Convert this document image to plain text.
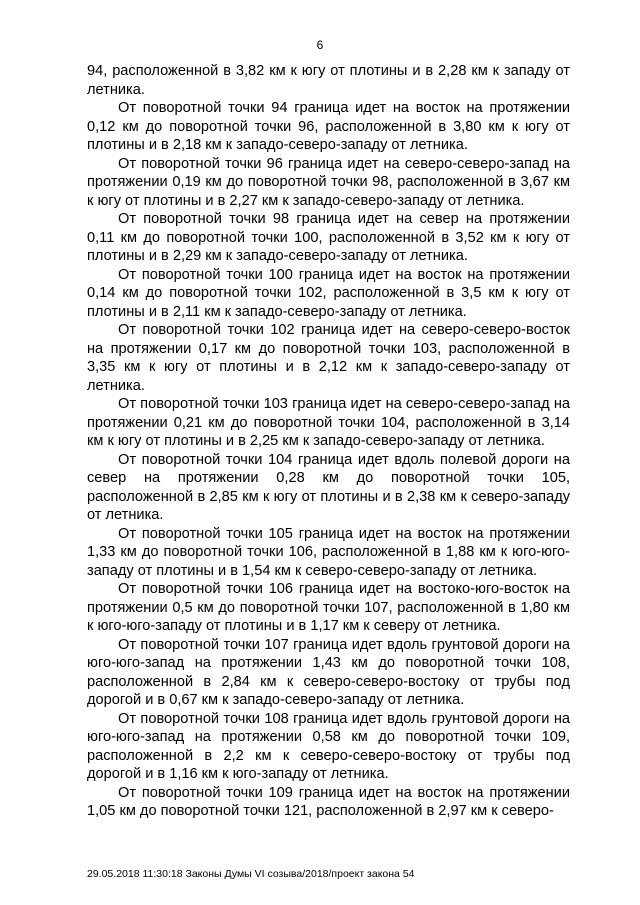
6

94, расположенной в 3,82 км к югу от плотины и в 2,28 км к западу от летника.

От поворотной точки 94 граница идет на восток на протяжении 0,12 км до поворотной точки 96, расположенной в 3,80 км к югу от плотины и в 2,18 км к западо-северо-западу от летника.

От поворотной точки 96 граница идет на северо-северо-запад на протяжении 0,19 км до поворотной точки 98, расположенной в 3,67 км к югу от плотины и в 2,27 км к западо-северо-западу от летника.

От поворотной точки 98 граница идет на север на протяжении 0,11 км до поворотной точки 100, расположенной в 3,52 км к югу от плотины и в 2,29 км к западо-северо-западу от летника.

От поворотной точки 100 граница идет на восток на протяжении 0,14 км до поворотной точки 102, расположенной в 3,5 км к югу от плотины и в 2,11 км к западо-северо-западу от летника.

От поворотной точки 102 граница идет на северо-северо-восток на протяжении 0,17 км до поворотной точки 103, расположенной в 3,35 км к югу от плотины и в 2,12 км к западо-северо-западу от летника.

От поворотной точки 103 граница идет на северо-северо-запад на протяжении 0,21 км до поворотной точки 104, расположенной в 3,14 км к югу от плотины и в 2,25 км к западо-северо-западу от летника.

От поворотной точки 104 граница идет вдоль полевой дороги на север на протяжении 0,28 км до поворотной точки 105, расположенной в 2,85 км к югу от плотины и в 2,38 км к северо-западу от летника.

От поворотной точки 105 граница идет на восток на протяжении 1,33 км до поворотной точки 106, расположенной в 1,88 км к юго-юго-западу от плотины и в 1,54 км к северо-северо-западу от летника.

От поворотной точки 106 граница идет на востоко-юго-восток на протяжении 0,5 км до поворотной точки 107, расположенной в 1,80 км к юго-юго-западу от плотины и в 1,17 км к северу от летника.

От поворотной точки 107 граница идет вдоль грунтовой дороги на юго-юго-запад на протяжении 1,43 км до поворотной точки 108, расположенной в 2,84 км к северо-северо-востоку от трубы под дорогой и в 0,67 км к западо-северо-западу от летника.

От поворотной точки 108 граница идет вдоль грунтовой дороги на юго-юго-запад на протяжении 0,58 км до поворотной точки 109, расположенной в 2,2 км к северо-северо-востоку от трубы под дорогой и в 1,16 км к юго-западу от летника.

От поворотной точки 109 граница идет на восток на протяжении 1,05 км до поворотной точки 121, расположенной в 2,97 км к северо-

29.05.2018 11:30:18 Законы Думы VI созыва/2018/проект закона 54
